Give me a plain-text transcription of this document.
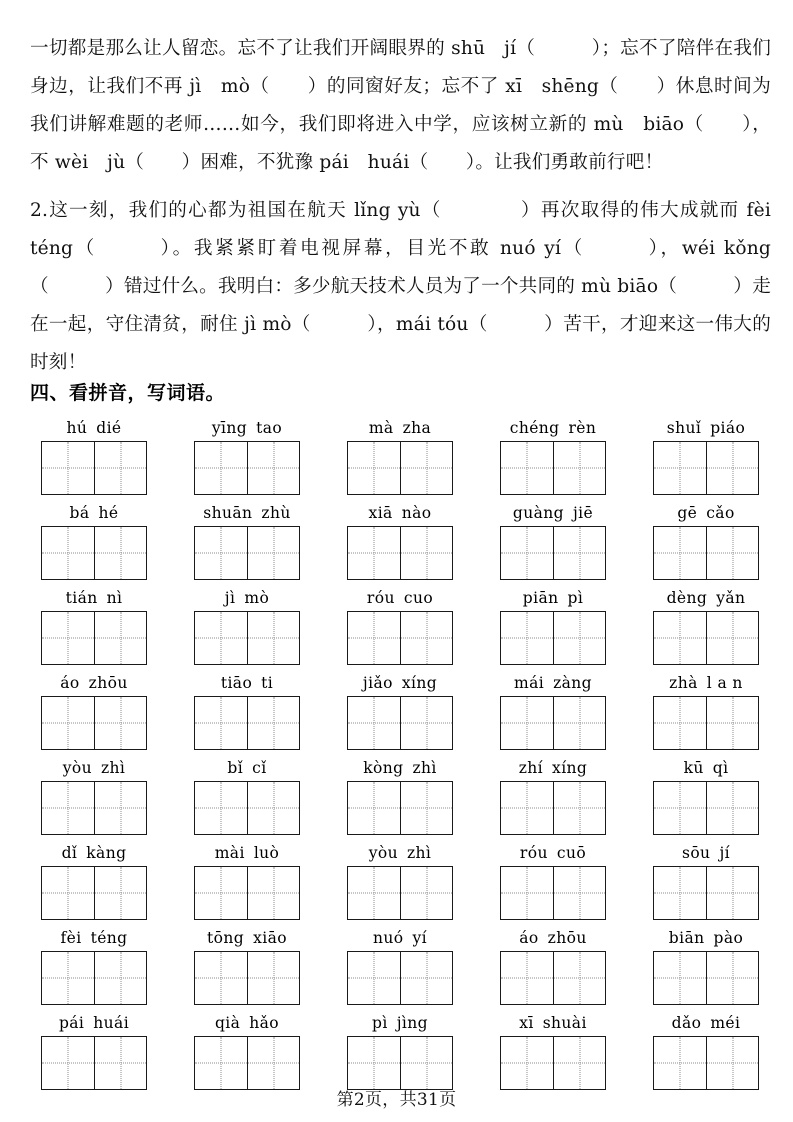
一切都是那么让人留恋。忘不了让我们开阔眼界的 shū　jí（　　　）；忘不了陪伴在我们身边，让我们不再 jì　mò（　　）的同窗好友；忘不了 xī　shēng（　　）休息时间为我们讲解难题的老师……如今，我们即将进入中学，应该树立新的 mù　biāo（　　），不 wèi　jù（　　）困难，不犹豫 pái　huái（　　）。让我们勇敢前行吧！

2.这一刻，我们的心都为祖国在航天 lǐng yù（　　　　）再次取得的伟大成就而 fèi téng（　　　）。我紧紧盯着电视屏幕，目光不敢 nuó yí（　　　），wéi kǒng（　　　）错过什么。我明白：多少航天技术人员为了一个共同的 mù biāo（　　　）走在一起，守住清贫，耐住 jì mò（　　　），mái tóu（　　　）苦干，才迎来这一伟大的时刻！

四、看拼音，写词语。
hú dié	yīng tao	mà zha	chéng rèn	shuǐ piáo
bá hé	shuān zhù	xiā nào	guàng jiē	gē cǎo
tián nì	jì mò	róu cuo	piān pì	dèng yǎn
áo zhōu	tiāo ti	jiǎo xíng	mái zàng	zhà l a n
yòu zhì	bǐ cǐ	kòng zhì	zhí xíng	kū qì
dǐ kàng	mài luò	yòu zhì	róu cuō	sōu jí
fèi téng	tōng xiāo	nuó yí	áo zhōu	biān pào
pái huái	qià hǎo	pì jìng	xī shuài	dǎo méi
第2页，共31页
